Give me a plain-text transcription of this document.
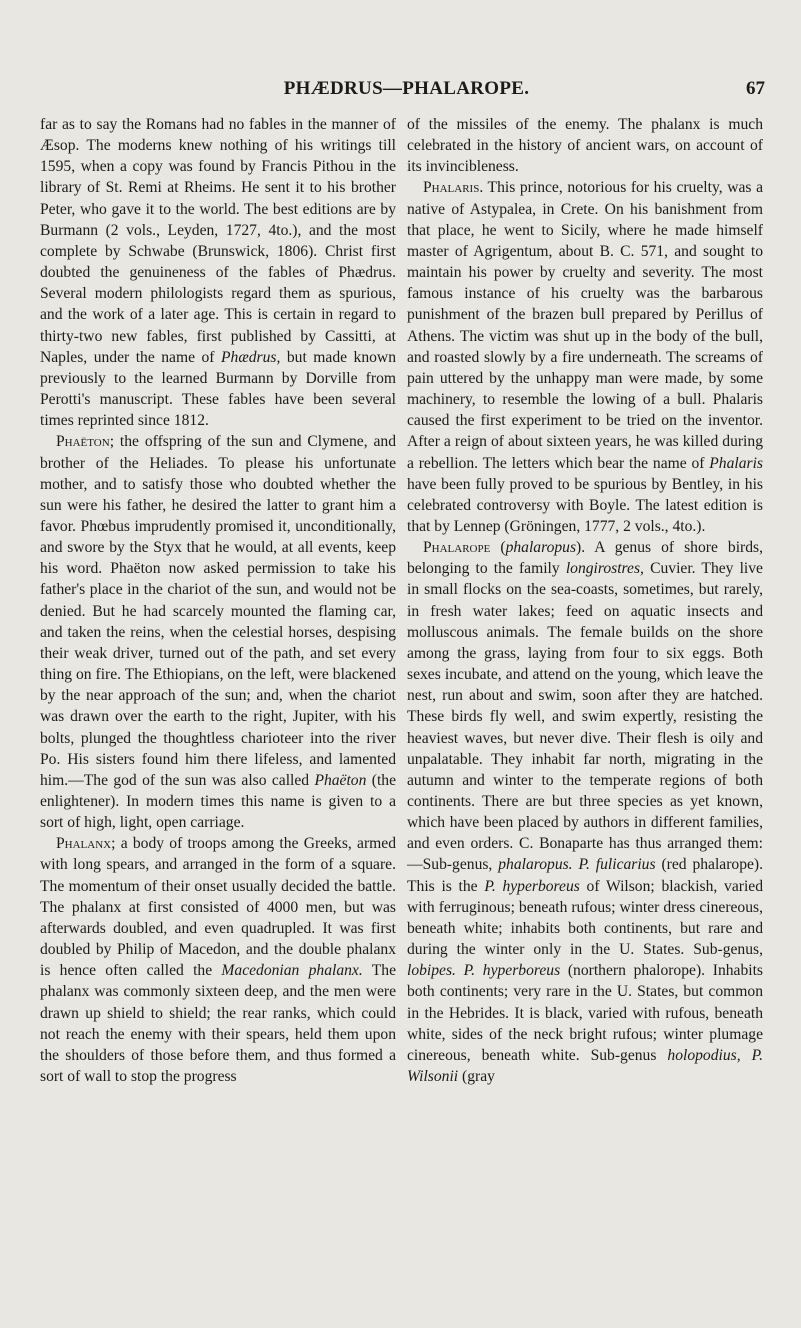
PHÆDRUS—PHALAROPE.	67

far as to say the Romans had no fables in the manner of Æsop. The moderns knew nothing of his writings till 1595, when a copy was found by Francis Pithou in the library of St. Remi at Rheims. He sent it to his brother Peter, who gave it to the world. The best editions are by Burmann (2 vols., Leyden, 1727, 4to.), and the most complete by Schwabe (Brunswick, 1806). Christ first doubted the genuineness of the fables of Phædrus. Several modern philologists regard them as spurious, and the work of a later age. This is certain in regard to thirty-two new fables, first published by Cassitti, at Naples, under the name of Phædrus, but made known previously to the learned Burmann by Dorville from Perotti's manuscript. These fables have been several times reprinted since 1812.

Phaëton; the offspring of the sun and Clymene, and brother of the Heliades. To please his unfortunate mother, and to satisfy those who doubted whether the sun were his father, he desired the latter to grant him a favor. Phœbus imprudently promised it, unconditionally, and swore by the Styx that he would, at all events, keep his word. Phaëton now asked permission to take his father's place in the chariot of the sun, and would not be denied. But he had scarcely mounted the flaming car, and taken the reins, when the celestial horses, despising their weak driver, turned out of the path, and set every thing on fire. The Ethiopians, on the left, were blackened by the near approach of the sun; and, when the chariot was drawn over the earth to the right, Jupiter, with his bolts, plunged the thoughtless charioteer into the river Po. His sisters found him there lifeless, and lamented him.—The god of the sun was also called Phaëton (the enlightener). In modern times this name is given to a sort of high, light, open carriage.

Phalanx; a body of troops among the Greeks, armed with long spears, and arranged in the form of a square. The momentum of their onset usually decided the battle. The phalanx at first consisted of 4000 men, but was afterwards doubled, and even quadrupled. It was first doubled by Philip of Macedon, and the double phalanx is hence often called the Macedonian phalanx. The phalanx was commonly sixteen deep, and the men were drawn up shield to shield; the rear ranks, which could not reach the enemy with their spears, held them upon the shoulders of those before them, and thus formed a sort of wall to stop the progress

of the missiles of the enemy. The phalanx is much celebrated in the history of ancient wars, on account of its invincibleness.

Phalaris. This prince, notorious for his cruelty, was a native of Astypalea, in Crete. On his banishment from that place, he went to Sicily, where he made himself master of Agrigentum, about B. C. 571, and sought to maintain his power by cruelty and severity. The most famous instance of his cruelty was the barbarous punishment of the brazen bull prepared by Perillus of Athens. The victim was shut up in the body of the bull, and roasted slowly by a fire underneath. The screams of pain uttered by the unhappy man were made, by some machinery, to resemble the lowing of a bull. Phalaris caused the first experiment to be tried on the inventor. After a reign of about sixteen years, he was killed during a rebellion. The letters which bear the name of Phalaris have been fully proved to be spurious by Bentley, in his celebrated controversy with Boyle. The latest edition is that by Lennep (Gröningen, 1777, 2 vols., 4to.).

Phalarope (phalaropus). A genus of shore birds, belonging to the family longirostres, Cuvier. They live in small flocks on the sea-coasts, sometimes, but rarely, in fresh water lakes; feed on aquatic insects and molluscous animals. The female builds on the shore among the grass, laying from four to six eggs. Both sexes incubate, and attend on the young, which leave the nest, run about and swim, soon after they are hatched. These birds fly well, and swim expertly, resisting the heaviest waves, but never dive. Their flesh is oily and unpalatable. They inhabit far north, migrating in the autumn and winter to the temperate regions of both continents. There are but three species as yet known, which have been placed by authors in different families, and even orders. C. Bonaparte has thus arranged them:—Sub-genus, phalaropus. P. fulicarius (red phalarope). This is the P. hyperboreus of Wilson; blackish, varied with ferruginous; beneath rufous; winter dress cinereous, beneath white; inhabits both continents, but rare and during the winter only in the U. States. Sub-genus, lobipes. P. hyperboreus (northern phalorope). Inhabits both continents; very rare in the U. States, but common in the Hebrides. It is black, varied with rufous, beneath white, sides of the neck bright rufous; winter plumage cinereous, beneath white. Sub-genus holopodius, P. Wilsonii (gray
